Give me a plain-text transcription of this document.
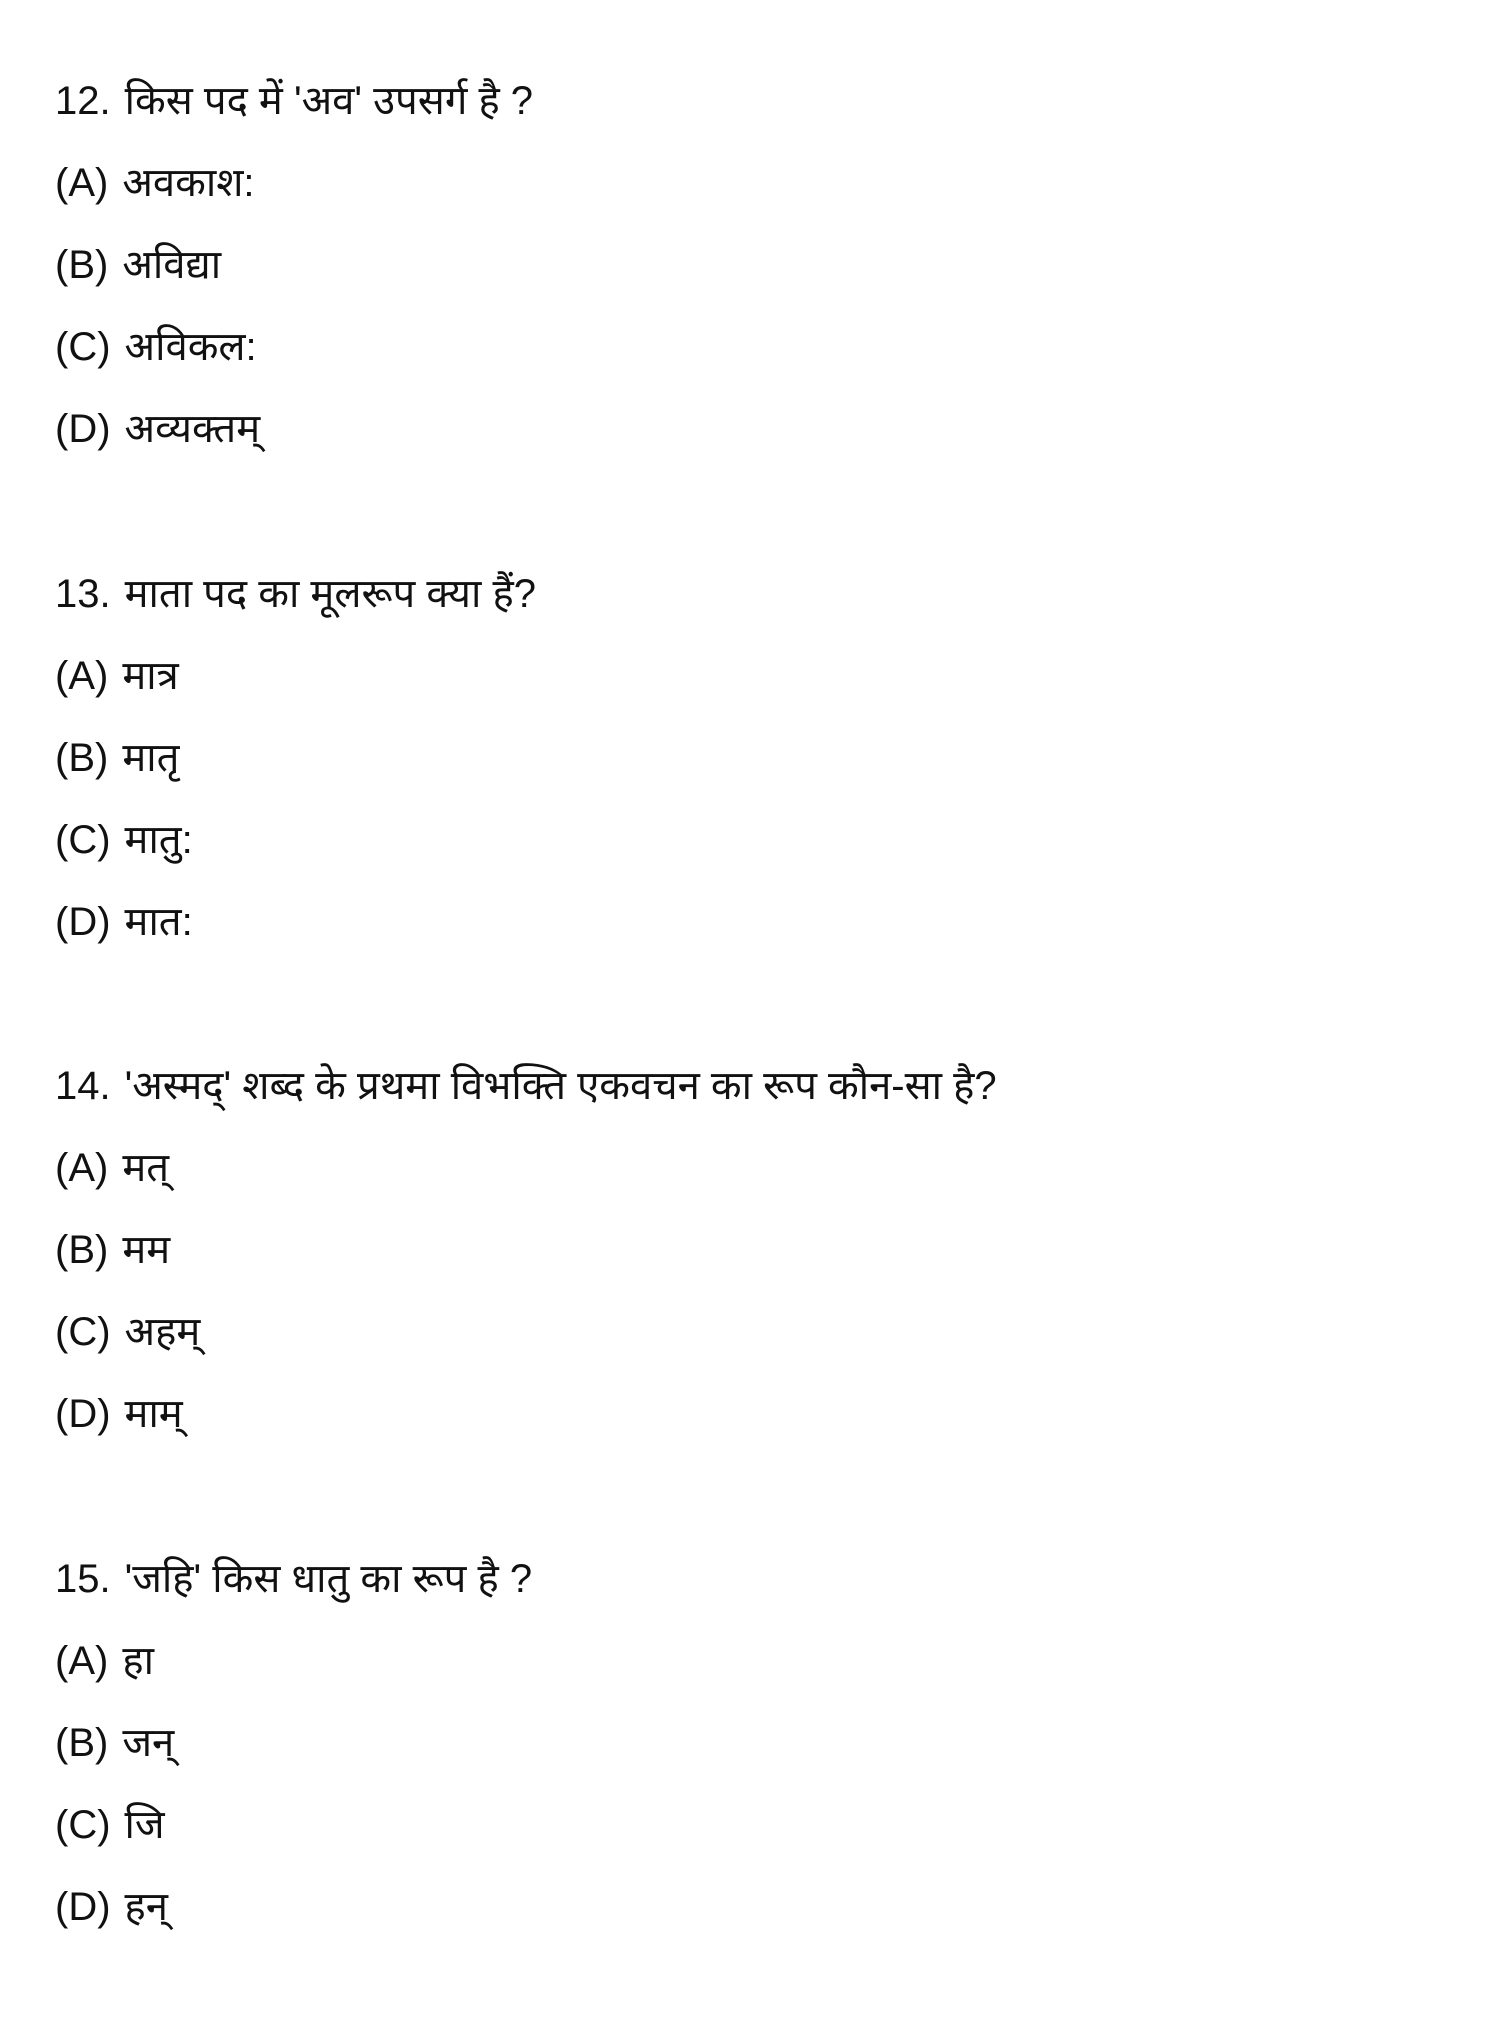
12. किस पद में 'अव' उपसर्ग है ?
(A) अवकाश:
(B) अविद्या
(C) अविकल:
(D) अव्यक्तम्
13. माता पद का मूलरूप क्या हैं?
(A) मात्र
(B) मातृ
(C) मातु:
(D) मात:
14. 'अस्मद्' शब्द के प्रथमा विभक्ति एकवचन का रूप कौन-सा है?
(A) मत्
(B) मम
(C) अहम्
(D) माम्
15. 'जहि' किस धातु का रूप है ?
(A) हा
(B) जन्
(C) जि
(D) हन्
